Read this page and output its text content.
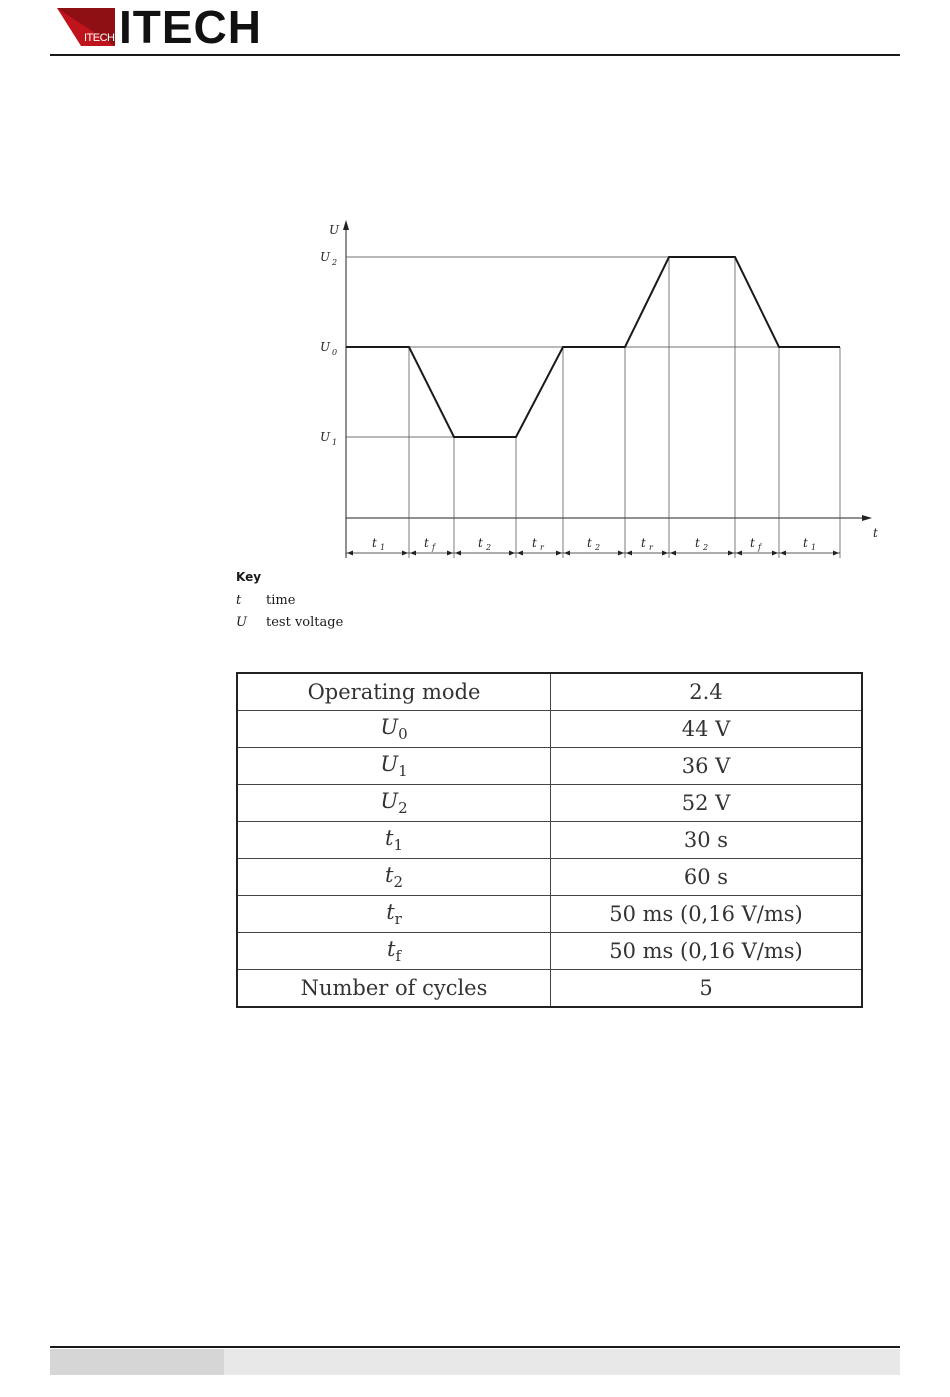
ITECH ITECH
U
t
U 2
U 0
U 1
t 1	t f	t 2	t r	t 2	t r	t 2	t f	t 1
Key
t	time
U	test voltage
Operating mode	2.4
$U_0$	44 V
$U_1$	36 V
$U_2$	52 V
$t_1$	30 s
$t_2$	60 s
$t_r$	50 ms (0,16 V/ms)
$t_f$	50 ms (0,16 V/ms)
Number of cycles	5
